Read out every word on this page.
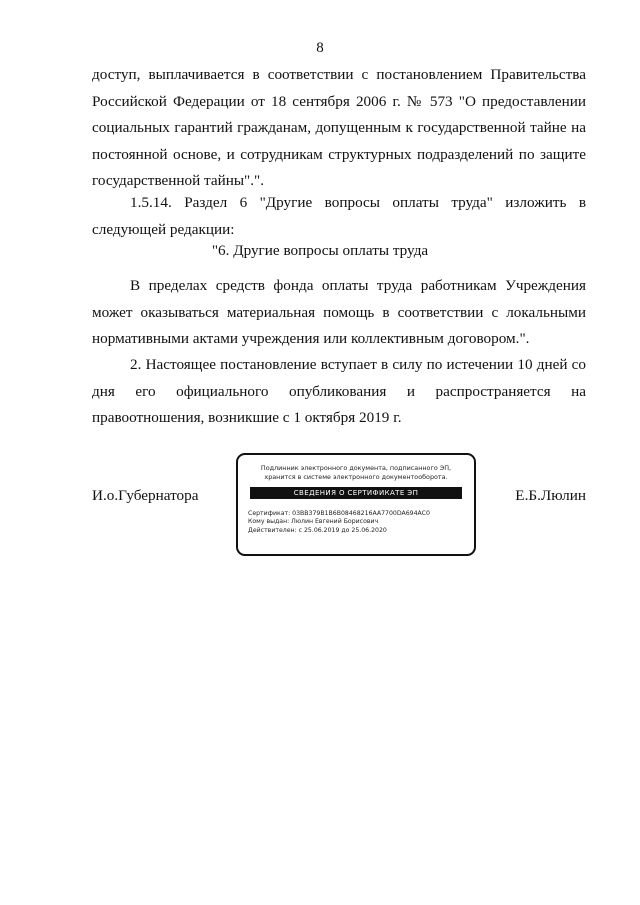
8
доступ, выплачивается в соответствии с постановлением Правительства
Российской Федерации от 18 сентября 2006 г. № 573 "О предоставлении
социальных гарантий гражданам, допущенным к государственной тайне на
постоянной основе, и сотрудникам структурных подразделений по защите
государственной тайны".".
1.5.14. Раздел 6 "Другие вопросы оплаты труда" изложить в
следующей редакции:
"6. Другие вопросы оплаты труда
В пределах средств фонда оплаты труда работникам Учреждения
может оказываться материальная помощь в соответствии с локальными
нормативными актами учреждения или коллективным договором.".
2. Настоящее постановление вступает в силу по истечении 10 дней со
дня его официального опубликования и распространяется на
правоотношения, возникшие с 1 октября 2019 г.
И.о.Губернатора
Подлинник электронного документа, подписанного ЭП,
хранится в системе электронного документооборота.
СВЕДЕНИЯ О СЕРТИФИКАТЕ ЭП
Сертификат: 03BB379B1B6B08468216AA7700DA694AC0
Кому выдан: Люлин Евгений Борисович
Действителен: с 25.06.2019 до 25.06.2020
Е.Б.Люлин
